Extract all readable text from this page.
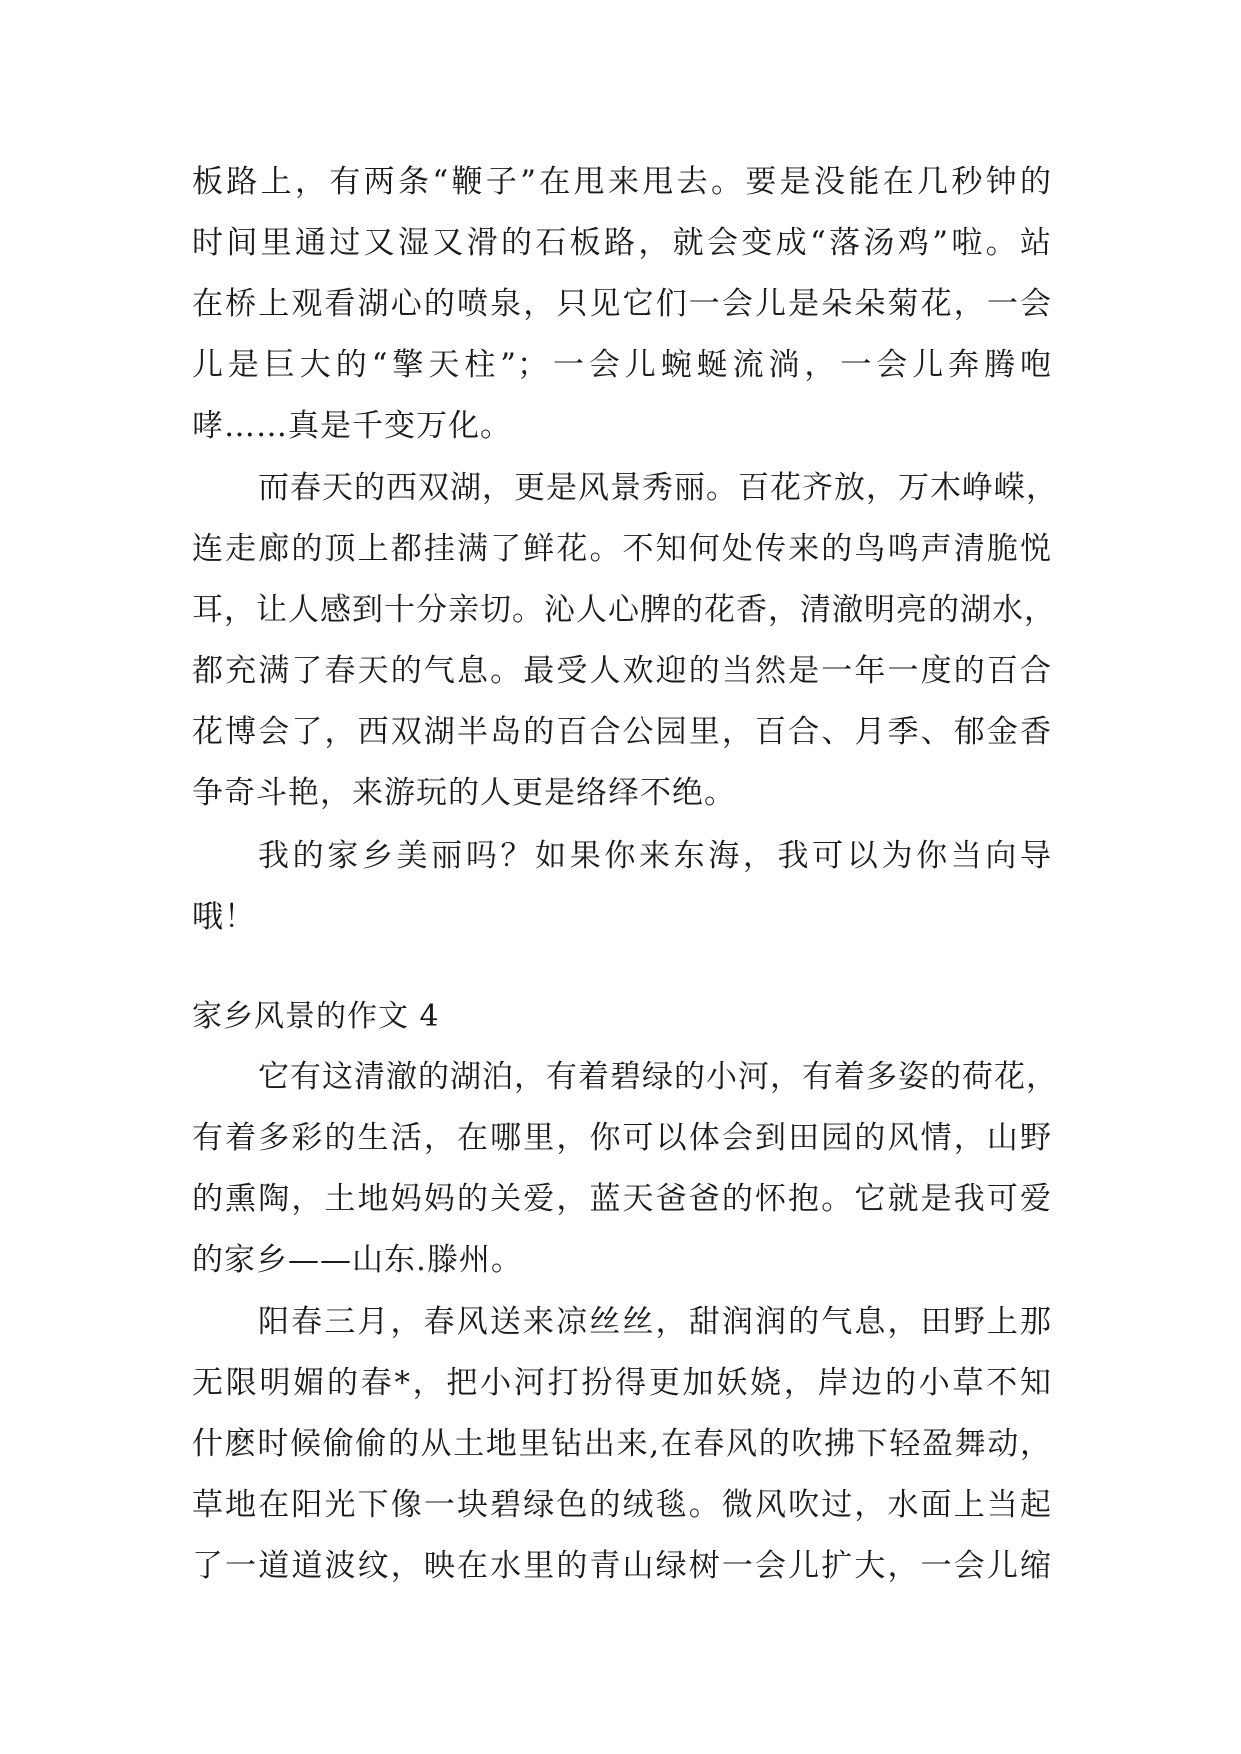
板路上，有两条“鞭子”在甩来甩去。要是没能在几秒钟的
时间里通过又湿又滑的石板路，就会变成“落汤鸡”啦。站
在桥上观看湖心的喷泉，只见它们一会儿是朵朵菊花，一会
儿是巨大的“擎天柱”；一会儿蜿蜒流淌，一会儿奔腾咆
哮……真是千变万化。
而春天的西双湖，更是风景秀丽。百花齐放，万木峥嵘，
连走廊的顶上都挂满了鲜花。不知何处传来的鸟鸣声清脆悦
耳，让人感到十分亲切。沁人心脾的花香，清澈明亮的湖水，
都充满了春天的气息。最受人欢迎的当然是一年一度的百合
花博会了，西双湖半岛的百合公园里，百合、月季、郁金香
争奇斗艳，来游玩的人更是络绎不绝。
我的家乡美丽吗？如果你来东海，我可以为你当向导
哦！
家乡风景的作文 4
它有这清澈的湖泊，有着碧绿的小河，有着多姿的荷花，
有着多彩的生活，在哪里，你可以体会到田园的风情，山野
的熏陶，土地妈妈的关爱，蓝天爸爸的怀抱。它就是我可爱
的家乡——山东.滕州。
阳春三月，春风送来凉丝丝，甜润润的气息，田野上那
无限明媚的春*，把小河打扮得更加妖娆，岸边的小草不知
什麽时候偷偷的从土地里钻出来,在春风的吹拂下轻盈舞动，
草地在阳光下像一块碧绿色的绒毯。微风吹过，水面上当起
了一道道波纹，映在水里的青山绿树一会儿扩大，一会儿缩
